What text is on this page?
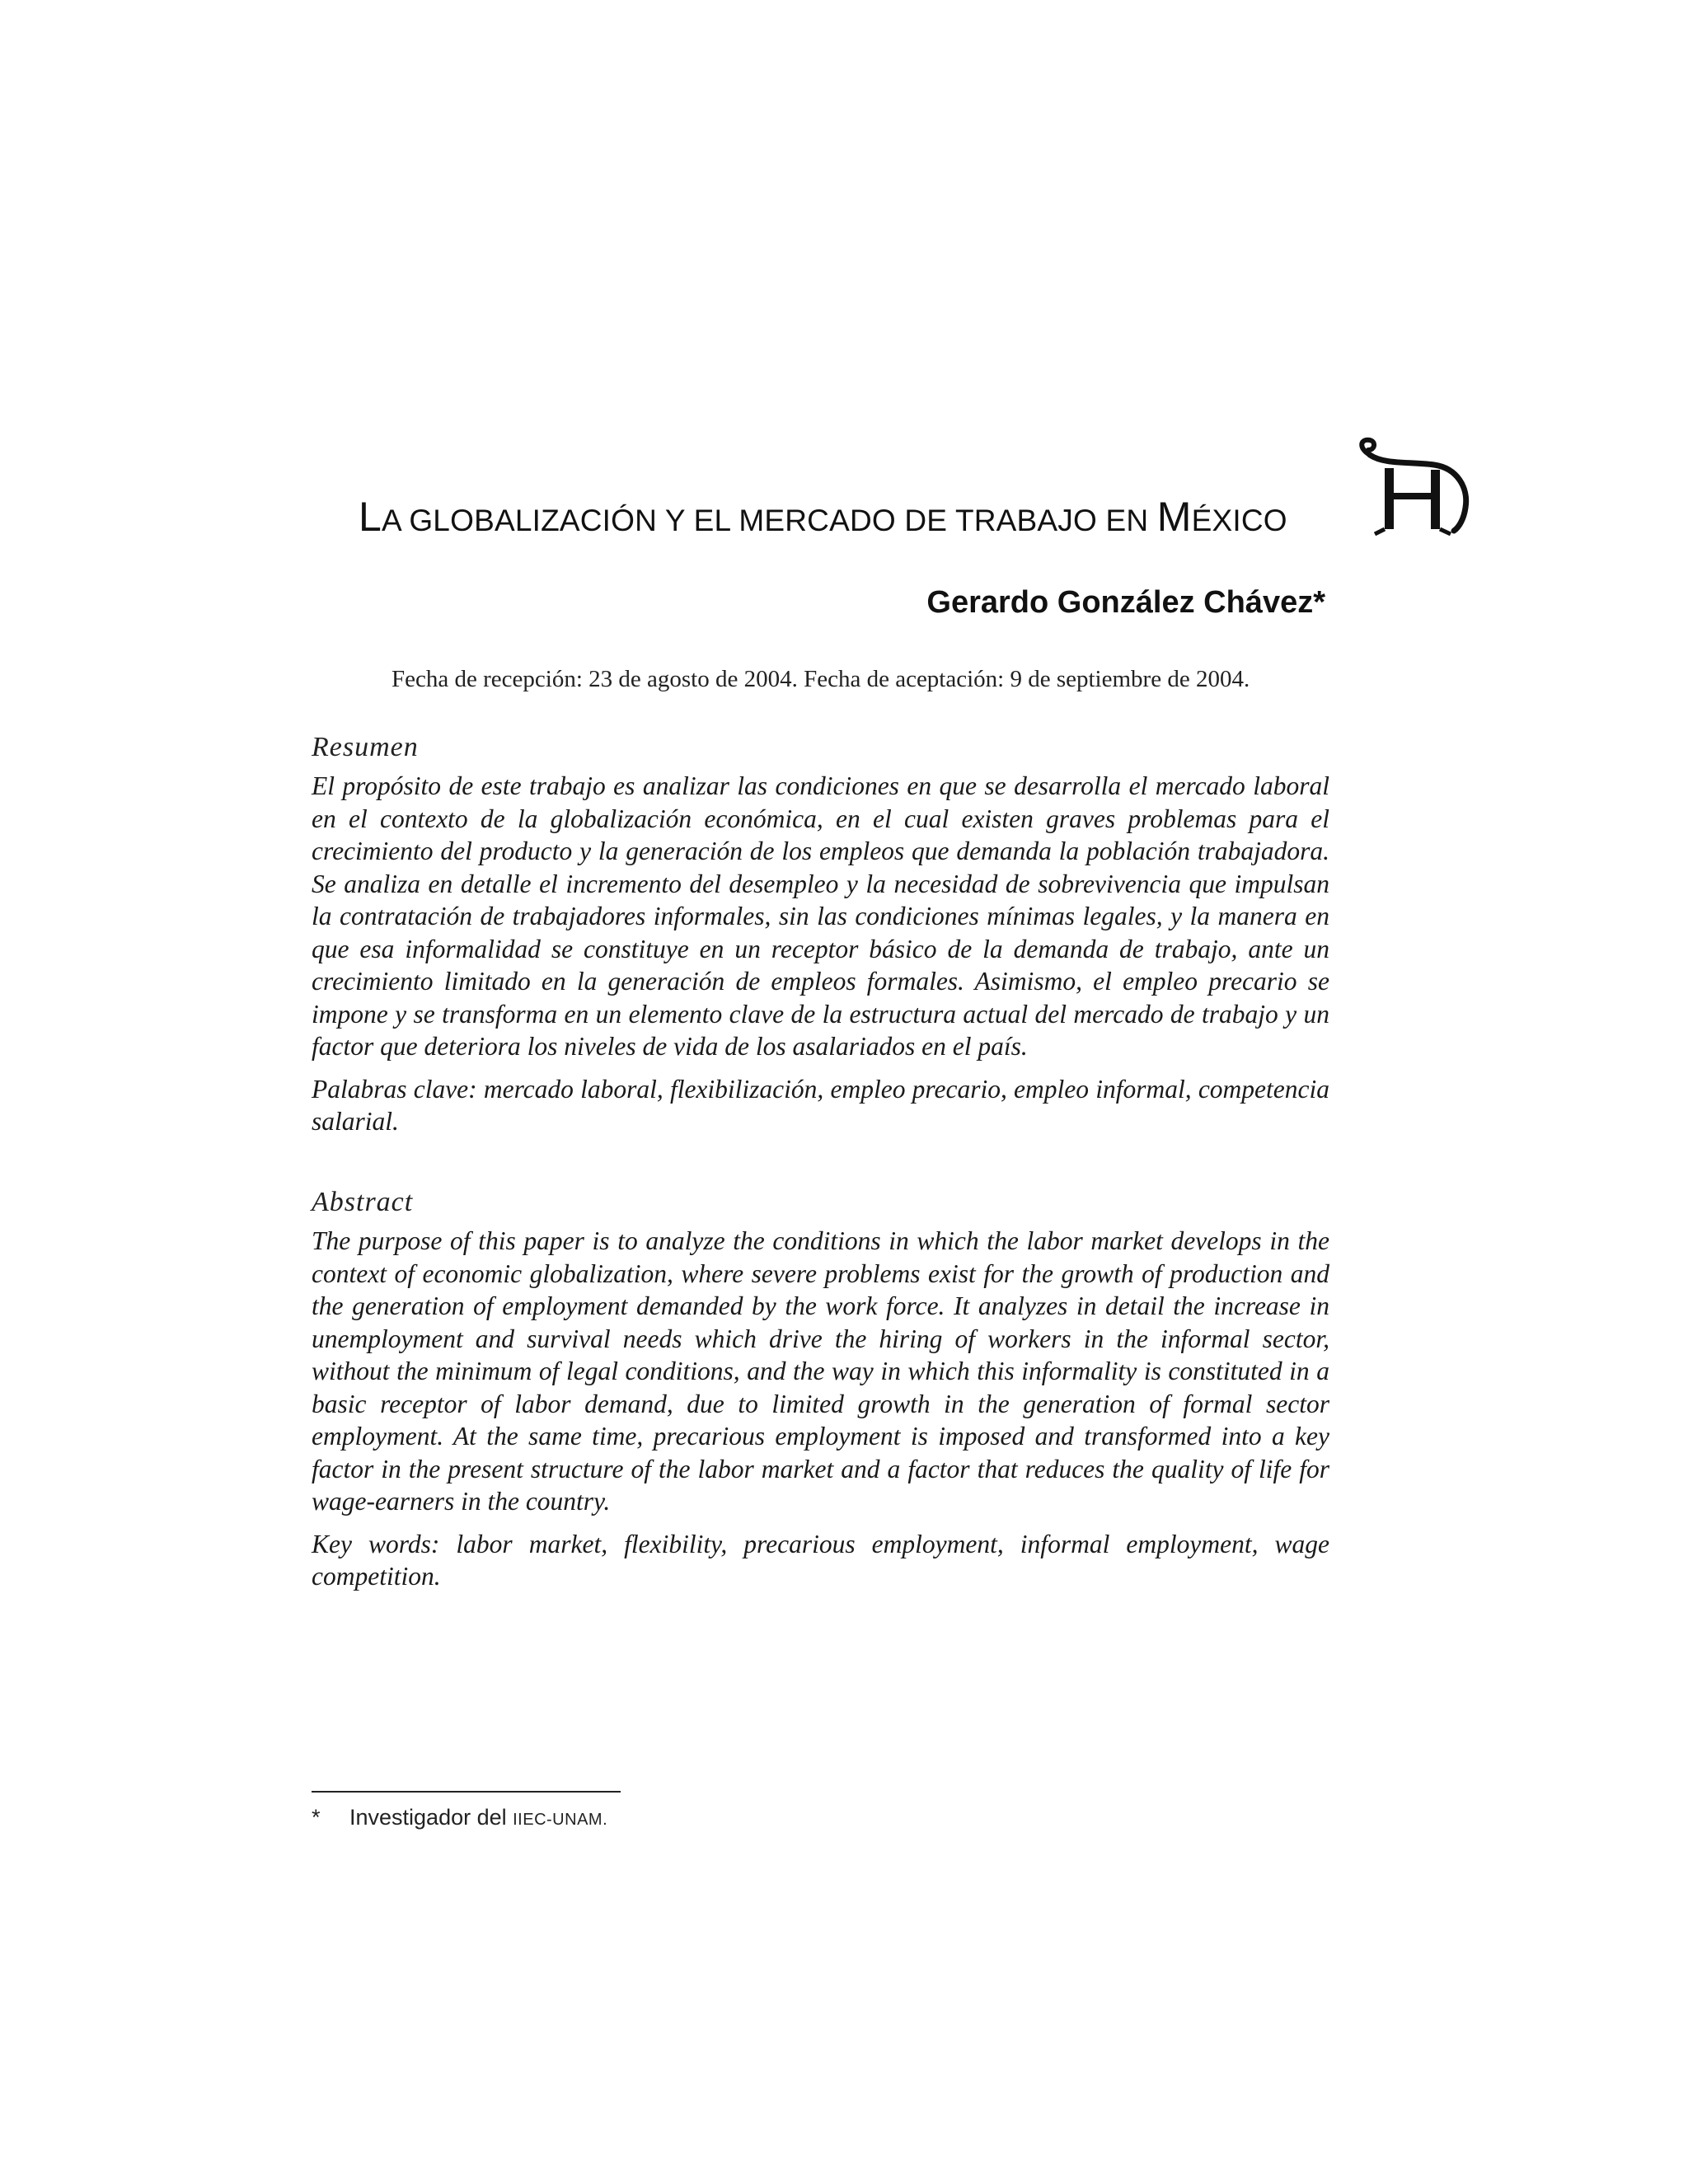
LA GLOBALIZACIÓN Y EL MERCADO DE TRABAJO EN MÉXICO
Gerardo González Chávez*
Fecha de recepción: 23 de agosto de 2004. Fecha de aceptación: 9 de septiembre de 2004.
Resumen

El propósito de este trabajo es analizar las condiciones en que se desarrolla el mercado laboral en el contexto de la globalización económica, en el cual existen graves problemas para el crecimiento del producto y la generación de los empleos que demanda la población trabajadora. Se analiza en detalle el incremento del desempleo y la necesidad de sobrevivencia que impulsan la contratación de trabajadores informales, sin las condiciones mínimas legales, y la manera en que esa informalidad se constituye en un receptor básico de la demanda de trabajo, ante un crecimiento limitado en la generación de empleos formales. Asimismo, el empleo precario se impone y se transforma en un elemento clave de la estructura actual del mercado de trabajo y un factor que deteriora los niveles de vida de los asalariados en el país.

Palabras clave: mercado laboral, flexibilización, empleo precario, empleo informal, competencia salarial.

Abstract

The purpose of this paper is to analyze the conditions in which the labor market develops in the context of economic globalization, where severe problems exist for the growth of production and the generation of employment demanded by the work force. It analyzes in detail the increase in unemployment and survival needs which drive the hiring of workers in the informal sector, without the minimum of legal conditions, and the way in which this informality is constituted in a basic receptor of labor demand, due to limited growth in the generation of formal sector employment. At the same time, precarious employment is imposed and transformed into a key factor in the present structure of the labor market and a factor that reduces the quality of life for wage-earners in the country.

Key words: labor market, flexibility, precarious employment, informal employment, wage competition.

* Investigador del IIEC-UNAM.
